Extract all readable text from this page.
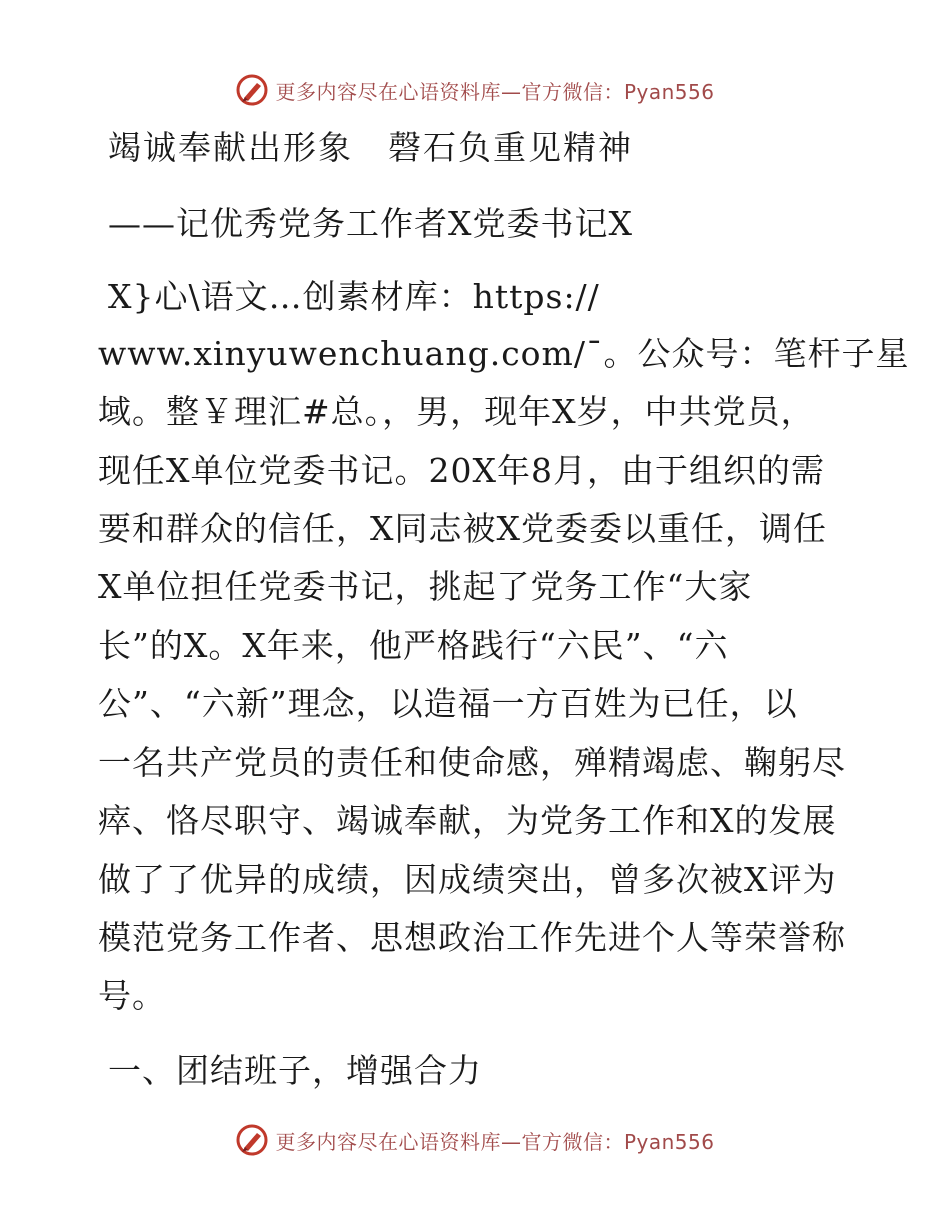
更多内容尽在心语资料库—官方微信：Pyan556
竭诚奉献出形象　磬石负重见精神
——记优秀党务工作者X党委书记X
X}心\语文…创素材库：https://
www.xinyuwenchuang.com/¯。公众号：笔杆子星
域。整￥理汇#总。，男，现年X岁，中共党员，
现任X单位党委书记。20X年8月，由于组织的需
要和群众的信任，X同志被X党委委以重任，调任
X单位担任党委书记，挑起了党务工作“大家
长”的X。X年来，他严格践行“六民”、“六
公”、“六新”理念，以造福一方百姓为已任，以
一名共产党员的责任和使命感，殚精竭虑、鞠躬尽
瘁、恪尽职守、竭诚奉献，为党务工作和X的发展
做了了优异的成绩，因成绩突出，曾多次被X评为
模范党务工作者、思想政治工作先进个人等荣誉称
号。
一、团结班子，增强合力
更多内容尽在心语资料库—官方微信：Pyan556
